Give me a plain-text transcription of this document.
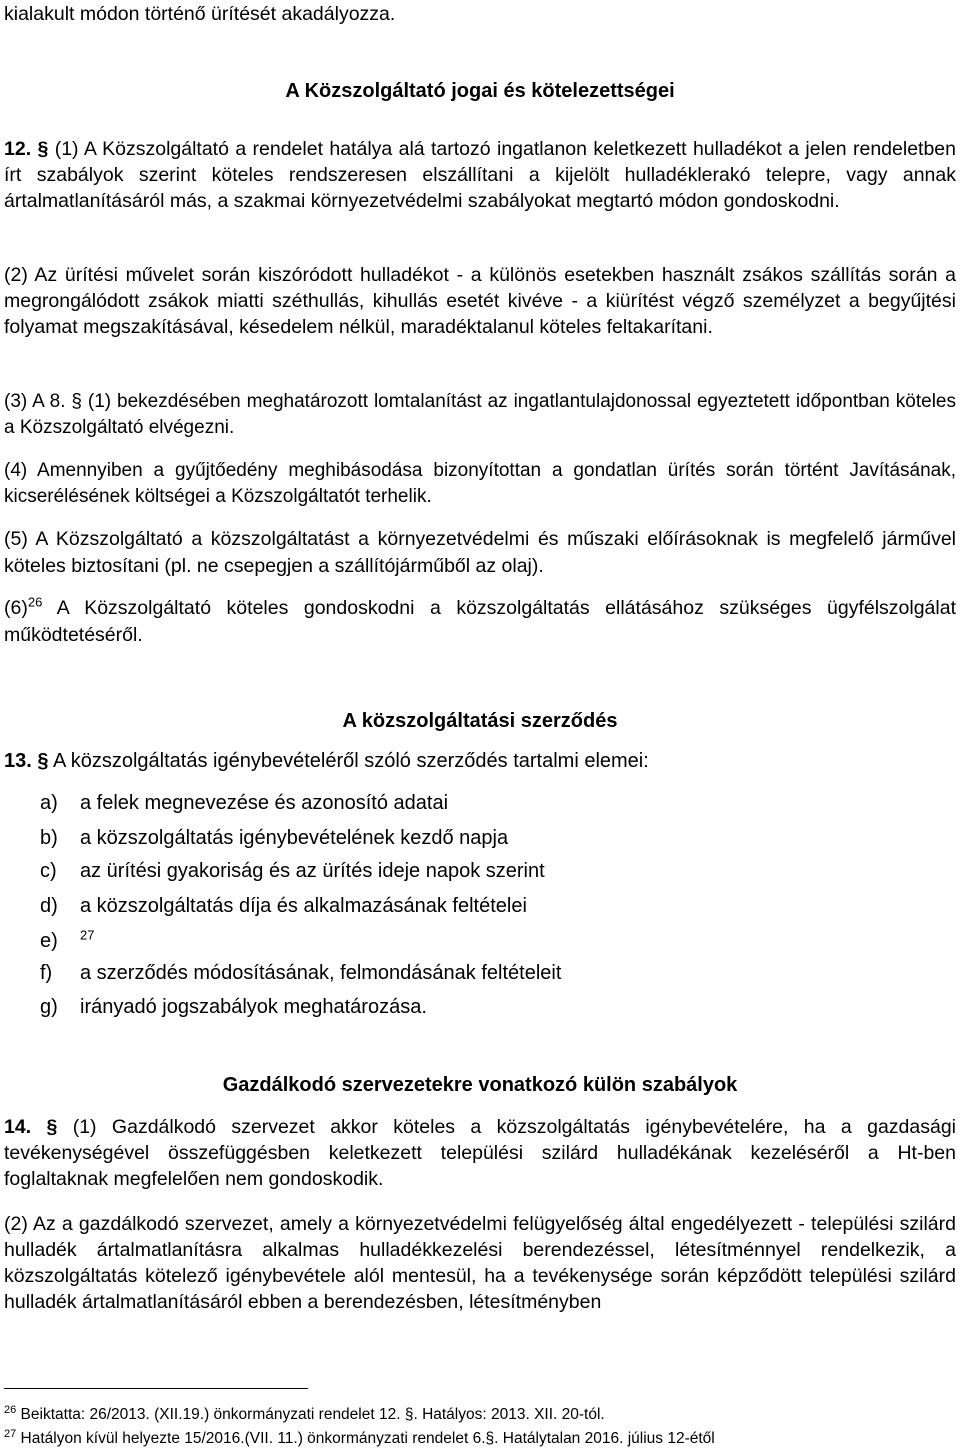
kialakult módon történő ürítését akadályozza.

A Közszolgáltató jogai és kötelezettségei

12. § (1) A Közszolgáltató a rendelet hatálya alá tartozó ingatlanon keletkezett hulladékot a jelen rendeletben írt szabályok szerint köteles rendszeresen elszállítani a kijelölt hulladéklerakó telepre, vagy annak ártalmatlanításáról más, a szakmai környezetvédelmi szabályokat megtartó módon gondoskodni.

(2) Az ürítési művelet során kiszóródott hulladékot - a különös esetekben használt zsákos szállítás során a megrongálódott zsákok miatti széthullás, kihullás esetét kivéve - a kiürítést végző személyzet a begyűjtési folyamat megszakításával, késedelem nélkül, maradéktalanul köteles feltakarítani.

(3) A 8. § (1) bekezdésében meghatározott lomtalanítást az ingatlantulajdonossal egyeztetett időpontban köteles a Közszolgáltató elvégezni.

(4) Amennyiben a gyűjtőedény meghibásodása bizonyítottan a gondatlan ürítés során történt Javításának, kicserélésének költségei a Közszolgáltatót terhelik.

(5) A Közszolgáltató a közszolgáltatást a környezetvédelmi és műszaki előírásoknak is megfelelő járművel köteles biztosítani (pl. ne csepegjen a szállítójárműből az olaj).

$(6)^{26}$ A Közszolgáltató köteles gondoskodni a közszolgáltatás ellátásához szükséges ügyfélszolgálat működtetéséről.

A közszolgáltatási szerződés

13. § A közszolgáltatás igénybevételéről szóló szerződés tartalmi elemei:

a) a felek megnevezése és azonosító adatai
b) a közszolgáltatás igénybevételének kezdő napja
c) az ürítési gyakoriság és az ürítés ideje napok szerint
d) a közszolgáltatás díja és alkalmazásának feltételei
e) $^{27}$
f) a szerződés módosításának, felmondásának feltételeit
g) irányadó jogszabályok meghatározása.
Gazdálkodó szervezetekre vonatkozó külön szabályok

14. § (1) Gazdálkodó szervezet akkor köteles a közszolgáltatás igénybevételére, ha a gazdasági tevékenységével összefüggésben keletkezett települési szilárd hulladékának kezeléséről a Ht-ben foglaltaknak megfelelően nem gondoskodik.

(2) Az a gazdálkodó szervezet, amely a környezetvédelmi felügyelőség által engedélyezett - települési szilárd hulladék ártalmatlanításra alkalmas hulladékkezelési berendezéssel, létesítménnyel rendelkezik, a közszolgáltatás kötelező igénybevétele alól mentesül, ha a tevékenysége során képződött települési szilárd hulladék ártalmatlanításáról ebben a berendezésben, létesítményben

$^{26}$ Beiktatta: 26/2013. (XII.19.) önkormányzati rendelet 12. §. Hatályos: 2013. XII. 20-tól.
$^{27}$ Hatályon kívül helyezte 15/2016.(VII. 11.) önkormányzati rendelet 6.§. Hatálytalan 2016. július 12-étől
